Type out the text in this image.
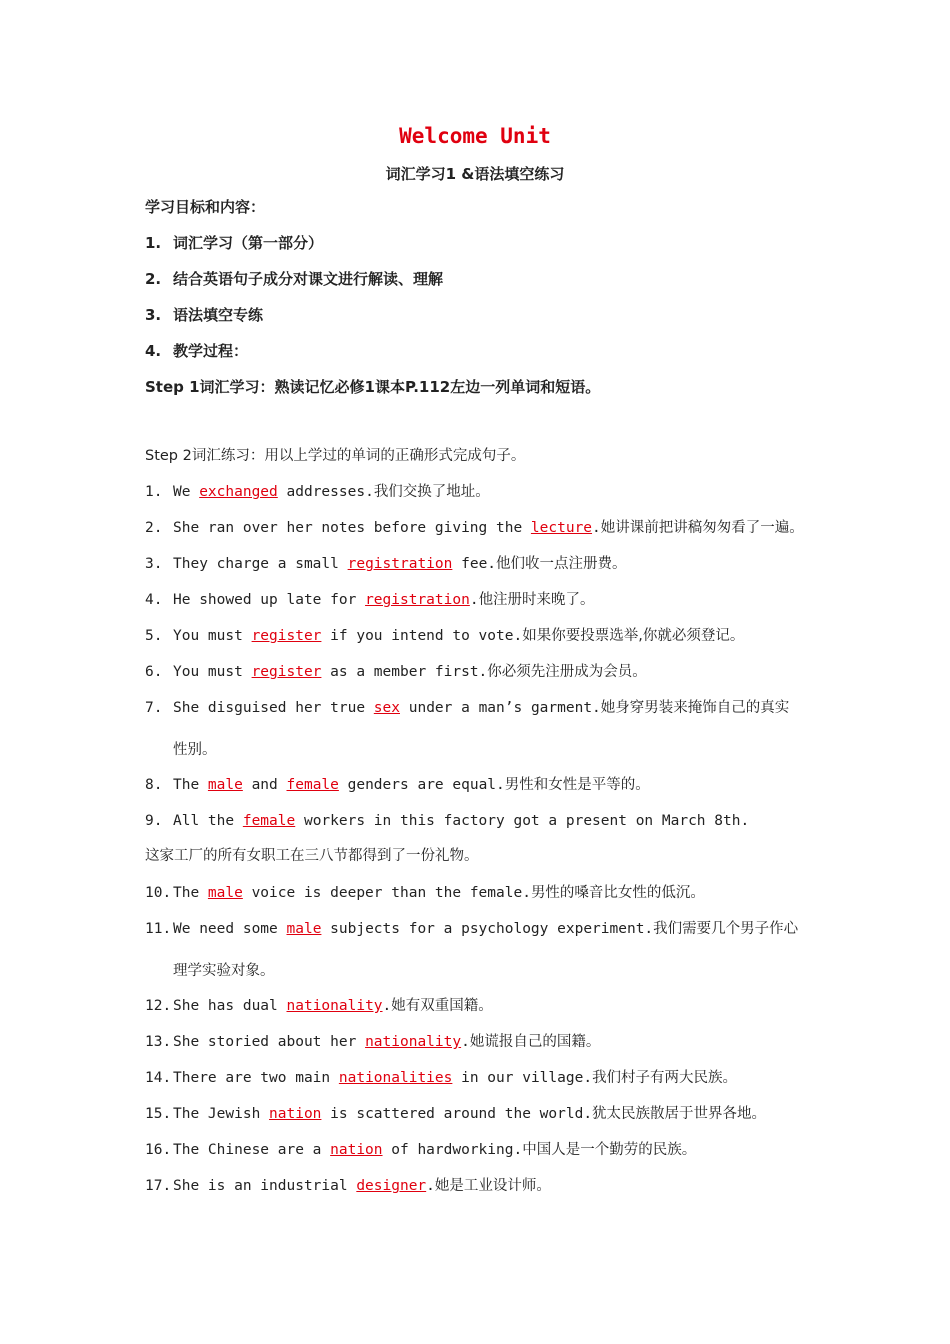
Welcome Unit
词汇学习1 &语法填空练习
学习目标和内容：
1. 词汇学习（第一部分）
2. 结合英语句子成分对课文进行解读、理解
3. 语法填空专练
4. 教学过程：
Step 1词汇学习：熟读记忆必修1课本P.112左边一列单词和短语。
Step 2词汇练习：用以上学过的单词的正确形式完成句子。
1. We exchanged addresses.我们交换了地址。
2. She ran over her notes before giving the lecture.她讲课前把讲稿匆匆看了一遍。
3. They charge a small registration fee.他们收一点注册费。
4. He showed up late for registration.他注册时来晚了。
5. You must register if you intend to vote.如果你要投票选举,你就必须登记。
6. You must register as a member first.你必须先注册成为会员。
7. She disguised her true sex under a man’s garment.她身穿男装来掩饰自己的真实
性别。
8. The male and female genders are equal.男性和女性是平等的。
9. All the female workers in this factory got a present on March 8th.
这家工厂的所有女职工在三八节都得到了一份礼物。
10. The male voice is deeper than the female.男性的嗓音比女性的低沉。
11. We need some male subjects for a psychology experiment.我们需要几个男子作心
理学实验对象。
12. She has dual nationality.她有双重国籍。
13. She storied about her nationality.她谎报自己的国籍。
14. There are two main nationalities in our village.我们村子有两大民族。
15. The Jewish nation is scattered around the world.犹太民族散居于世界各地。
16. The Chinese are a nation of hardworking.中国人是一个勤劳的民族。
17. She is an industrial designer.她是工业设计师。
